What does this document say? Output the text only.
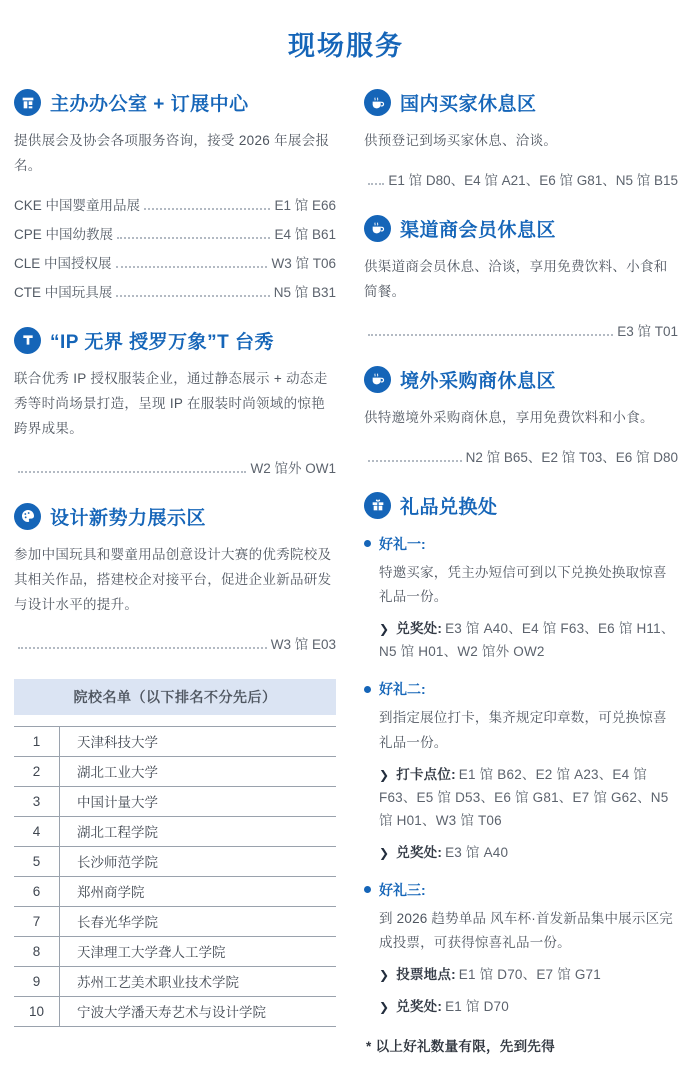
现场服务
主办办公室 + 订展中心

提供展会及协会各项服务咨询，接受 2026 年展会报名。

CKE 中国婴童用品展	E1 馆 E66
CPE 中国幼教展	E4 馆 B61
CLE 中国授权展	W3 馆 T06
CTE 中国玩具展	N5 馆 B31
“IP 无界 授罗万象”T 台秀

联合优秀 IP 授权服装企业，通过静态展示 + 动态走秀等时尚场景打造，呈现 IP 在服装时尚领域的惊艳跨界成果。

W2 馆外 OW1
设计新势力展示区

参加中国玩具和婴童用品创意设计大赛的优秀院校及其相关作品，搭建校企对接平台，促进企业新品研发与设计水平的提升。

W3 馆 E03
院校名单（以下排名不分先后）
1	天津科技大学
2	湖北工业大学
3	中国计量大学
4	湖北工程学院
5	长沙师范学院
6	郑州商学院
7	长春光华学院
8	天津理工大学聋人工学院
9	苏州工艺美术职业技术学院
10	宁波大学潘天寿艺术与设计学院
国内买家休息区

供预登记到场买家休息、洽谈。

E1 馆 D80、E4 馆 A21、E6 馆 G81、N5 馆 B15
渠道商会员休息区

供渠道商会员休息、洽谈，享用免费饮料、小食和简餐。

E3 馆 T01
境外采购商休息区

供特邀境外采购商休息，享用免费饮料和小食。

N2 馆 B65、E2 馆 T03、E6 馆 D80
礼品兑换处
好礼一:

特邀买家，凭主办短信可到以下兑换处换取惊喜礼品一份。

❯ 兑奖处: E3 馆 A40、E4 馆 F63、E6 馆 H11、N5 馆 H01、W2 馆外 OW2
好礼二:

到指定展位打卡，集齐规定印章数，可兑换惊喜礼品一份。

❯ 打卡点位: E1 馆 B62、E2 馆 A23、E4 馆 F63、E5 馆 D53、E6 馆 G81、E7 馆 G62、N5 馆 H01、W3 馆 T06
❯ 兑奖处: E3 馆 A40
好礼三:

到 2026 趋势单品 风车杯·首发新品集中展示区完成投票，可获得惊喜礼品一份。

❯ 投票地点: E1 馆 D70、E7 馆 G71
❯ 兑奖处: E1 馆 D70
* 以上好礼数量有限，先到先得
